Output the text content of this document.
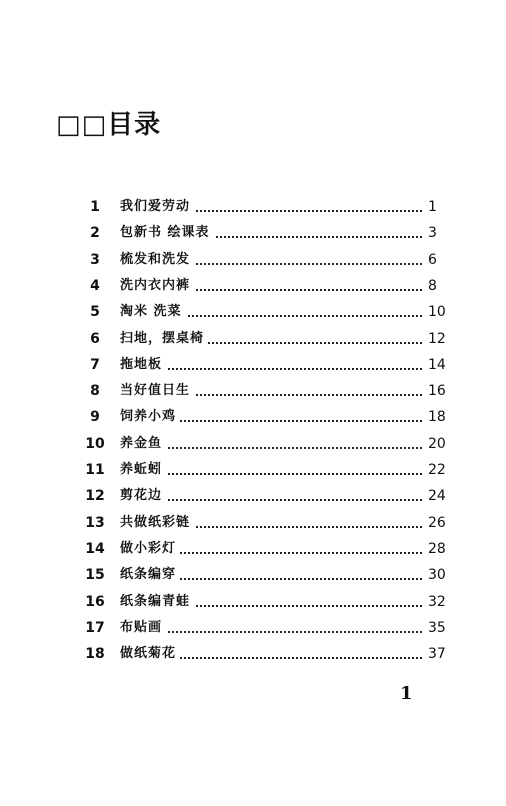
□□目录
1	我们爱劳动	1
2	包新书 绘课表	3
3	梳发和洗发	6
4	洗内衣内裤	8
5	淘米 洗菜	10
6	扫地，摆桌椅	12
7	拖地板	14
8	当好值日生	16
9	饲养小鸡	18
10	养金鱼	20
11	养蚯蚓	22
12	剪花边	24
13	共做纸彩链	26
14	做小彩灯	28
15	纸条编穿	30
16	纸条编青蛙	32
17	布贴画	35
18	做纸菊花	37
1
